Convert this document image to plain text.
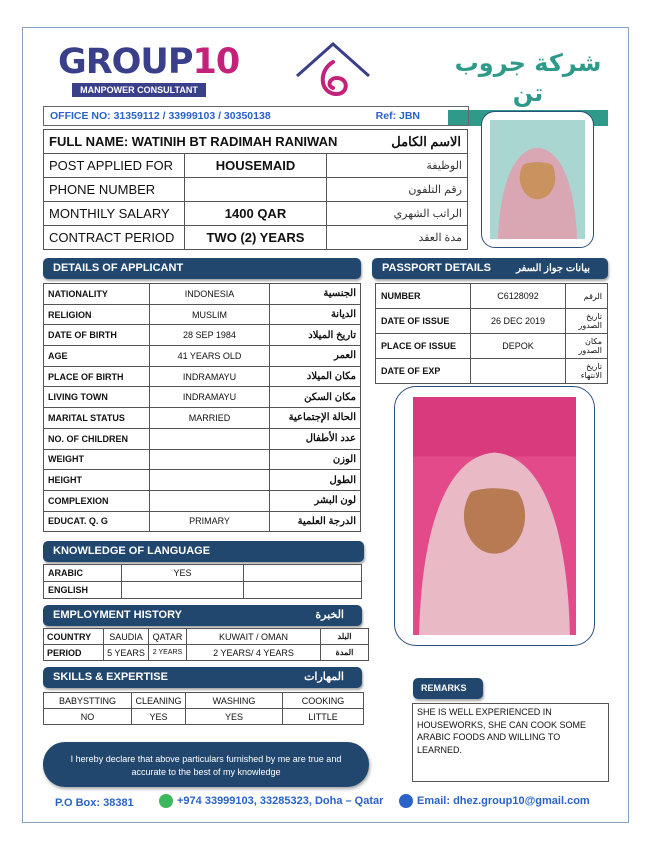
GROUP10
MANPOWER CONSULTANT
شركة جروب تن
OFFICE NO: 31359112 / 33999103 / 30350138	Ref: JBN
FULL NAME: WATINIH BT RADIMAH RANIWAN الاسم الكامل		

POST APPLIED FOR	HOUSEMAID	الوظيفة
PHONE NUMBER		رقم التلفون
MONTHILY SALARY	1400 QAR	الراتب الشهري
CONTRACT PERIOD	TWO (2) YEARS	مدة العقد
DETAILS OF APPLICANT
NATIONALITY	INDONESIA	الجنسية
RELIGION	MUSLIM	الديانة
DATE OF BIRTH	28 SEP 1984	تاريخ الميلاد
AGE	41 YEARS OLD	العمر
PLACE OF BIRTH	INDRAMAYU	مكان الميلاد
LIVING TOWN	INDRAMAYU	مكان السكن
MARITAL STATUS	MARRIED	الحالة الإجتماعية
NO. OF CHILDREN		عدد الأطفال
WEIGHT		الوزن
HEIGHT		الطول
COMPLEXION		لون البشر
EDUCAT. Q. G	PRIMARY	الدرجة العلمية
PASSPORT DETAILS	بيانات جواز السفر
NUMBER	C6128092	الرقم
DATE OF ISSUE	26 DEC 2019	تاريخ الصدور
PLACE OF ISSUE	DEPOK	مكان الصدور
DATE OF EXP		تاريخ الانتهاء
KNOWLEDGE OF LANGUAGE
ARABIC	YES	
ENGLISH		
EMPLOYMENT HISTORY	الخبرة
COUNTRY	SAUDIA	QATAR	KUWAIT / OMAN	البلد
PERIOD	5 YEARS	2 YEARS	2 YEARS/ 4 YEARS	المدة
SKILLS & EXPERTISE	المهارات
BABYSTTING	CLEANING	WASHING	COOKING
NO	YES	YES	LITTLE
REMARKS
SHE IS WELL EXPERIENCED IN HOUSEWORKS, SHE CAN COOK SOME ARABIC FOODS AND WILLING TO LEARNED.
I hereby declare that above particulars furnished by me are true and accurate to the best of my knowledge
P.O Box: 38381	+974 33999103, 33285323, Doha – Qatar	Email: dhez.group10@gmail.com
